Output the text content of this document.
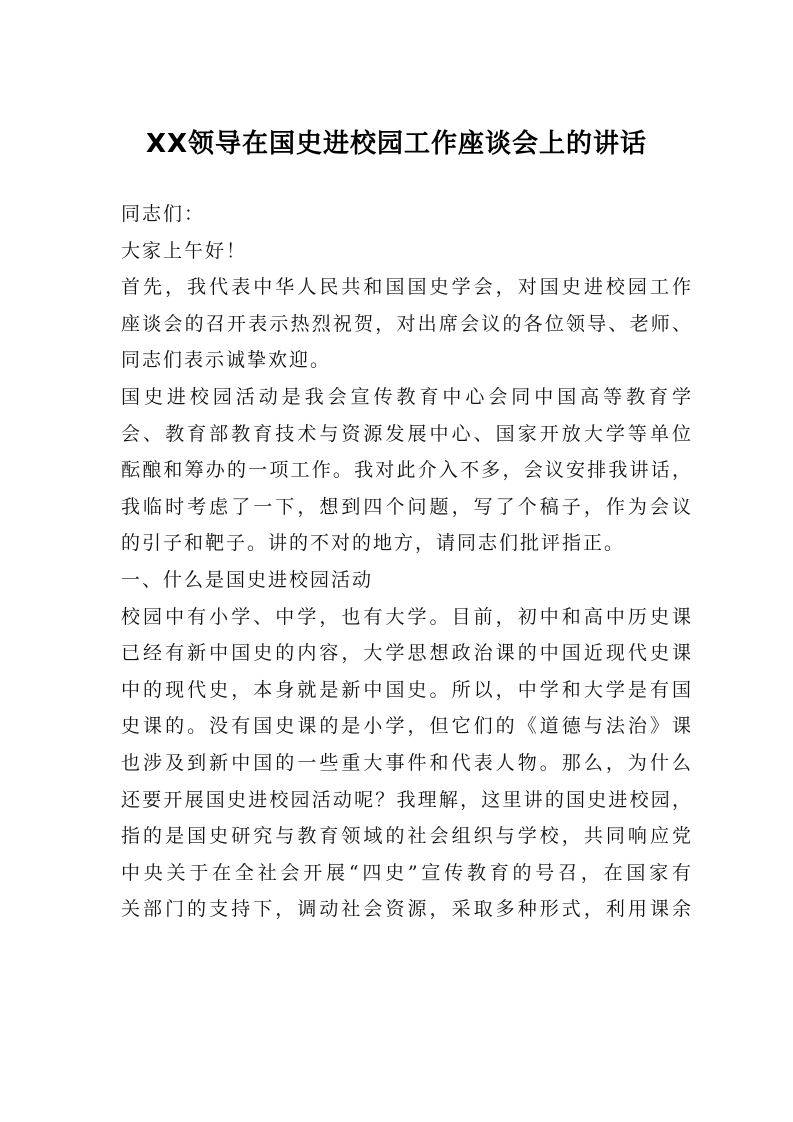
XX领导在国史进校园工作座谈会上的讲话
同志们：
大家上午好！
首先，我代表中华人民共和国国史学会，对国史进校园工作
座谈会的召开表示热烈祝贺，对出席会议的各位领导、老师、
同志们表示诚挚欢迎。
国史进校园活动是我会宣传教育中心会同中国高等教育学
会、教育部教育技术与资源发展中心、国家开放大学等单位
酝酿和筹办的一项工作。我对此介入不多，会议安排我讲话，
我临时考虑了一下，想到四个问题，写了个稿子，作为会议
的引子和靶子。讲的不对的地方，请同志们批评指正。
一、什么是国史进校园活动
校园中有小学、中学，也有大学。目前，初中和高中历史课
已经有新中国史的内容，大学思想政治课的中国近现代史课
中的现代史，本身就是新中国史。所以，中学和大学是有国
史课的。没有国史课的是小学，但它们的《道德与法治》课
也涉及到新中国的一些重大事件和代表人物。那么，为什么
还要开展国史进校园活动呢？我理解，这里讲的国史进校园，
指的是国史研究与教育领域的社会组织与学校，共同响应党
中央关于在全社会开展“四史”宣传教育的号召，在国家有
关部门的支持下，调动社会资源，采取多种形式，利用课余
